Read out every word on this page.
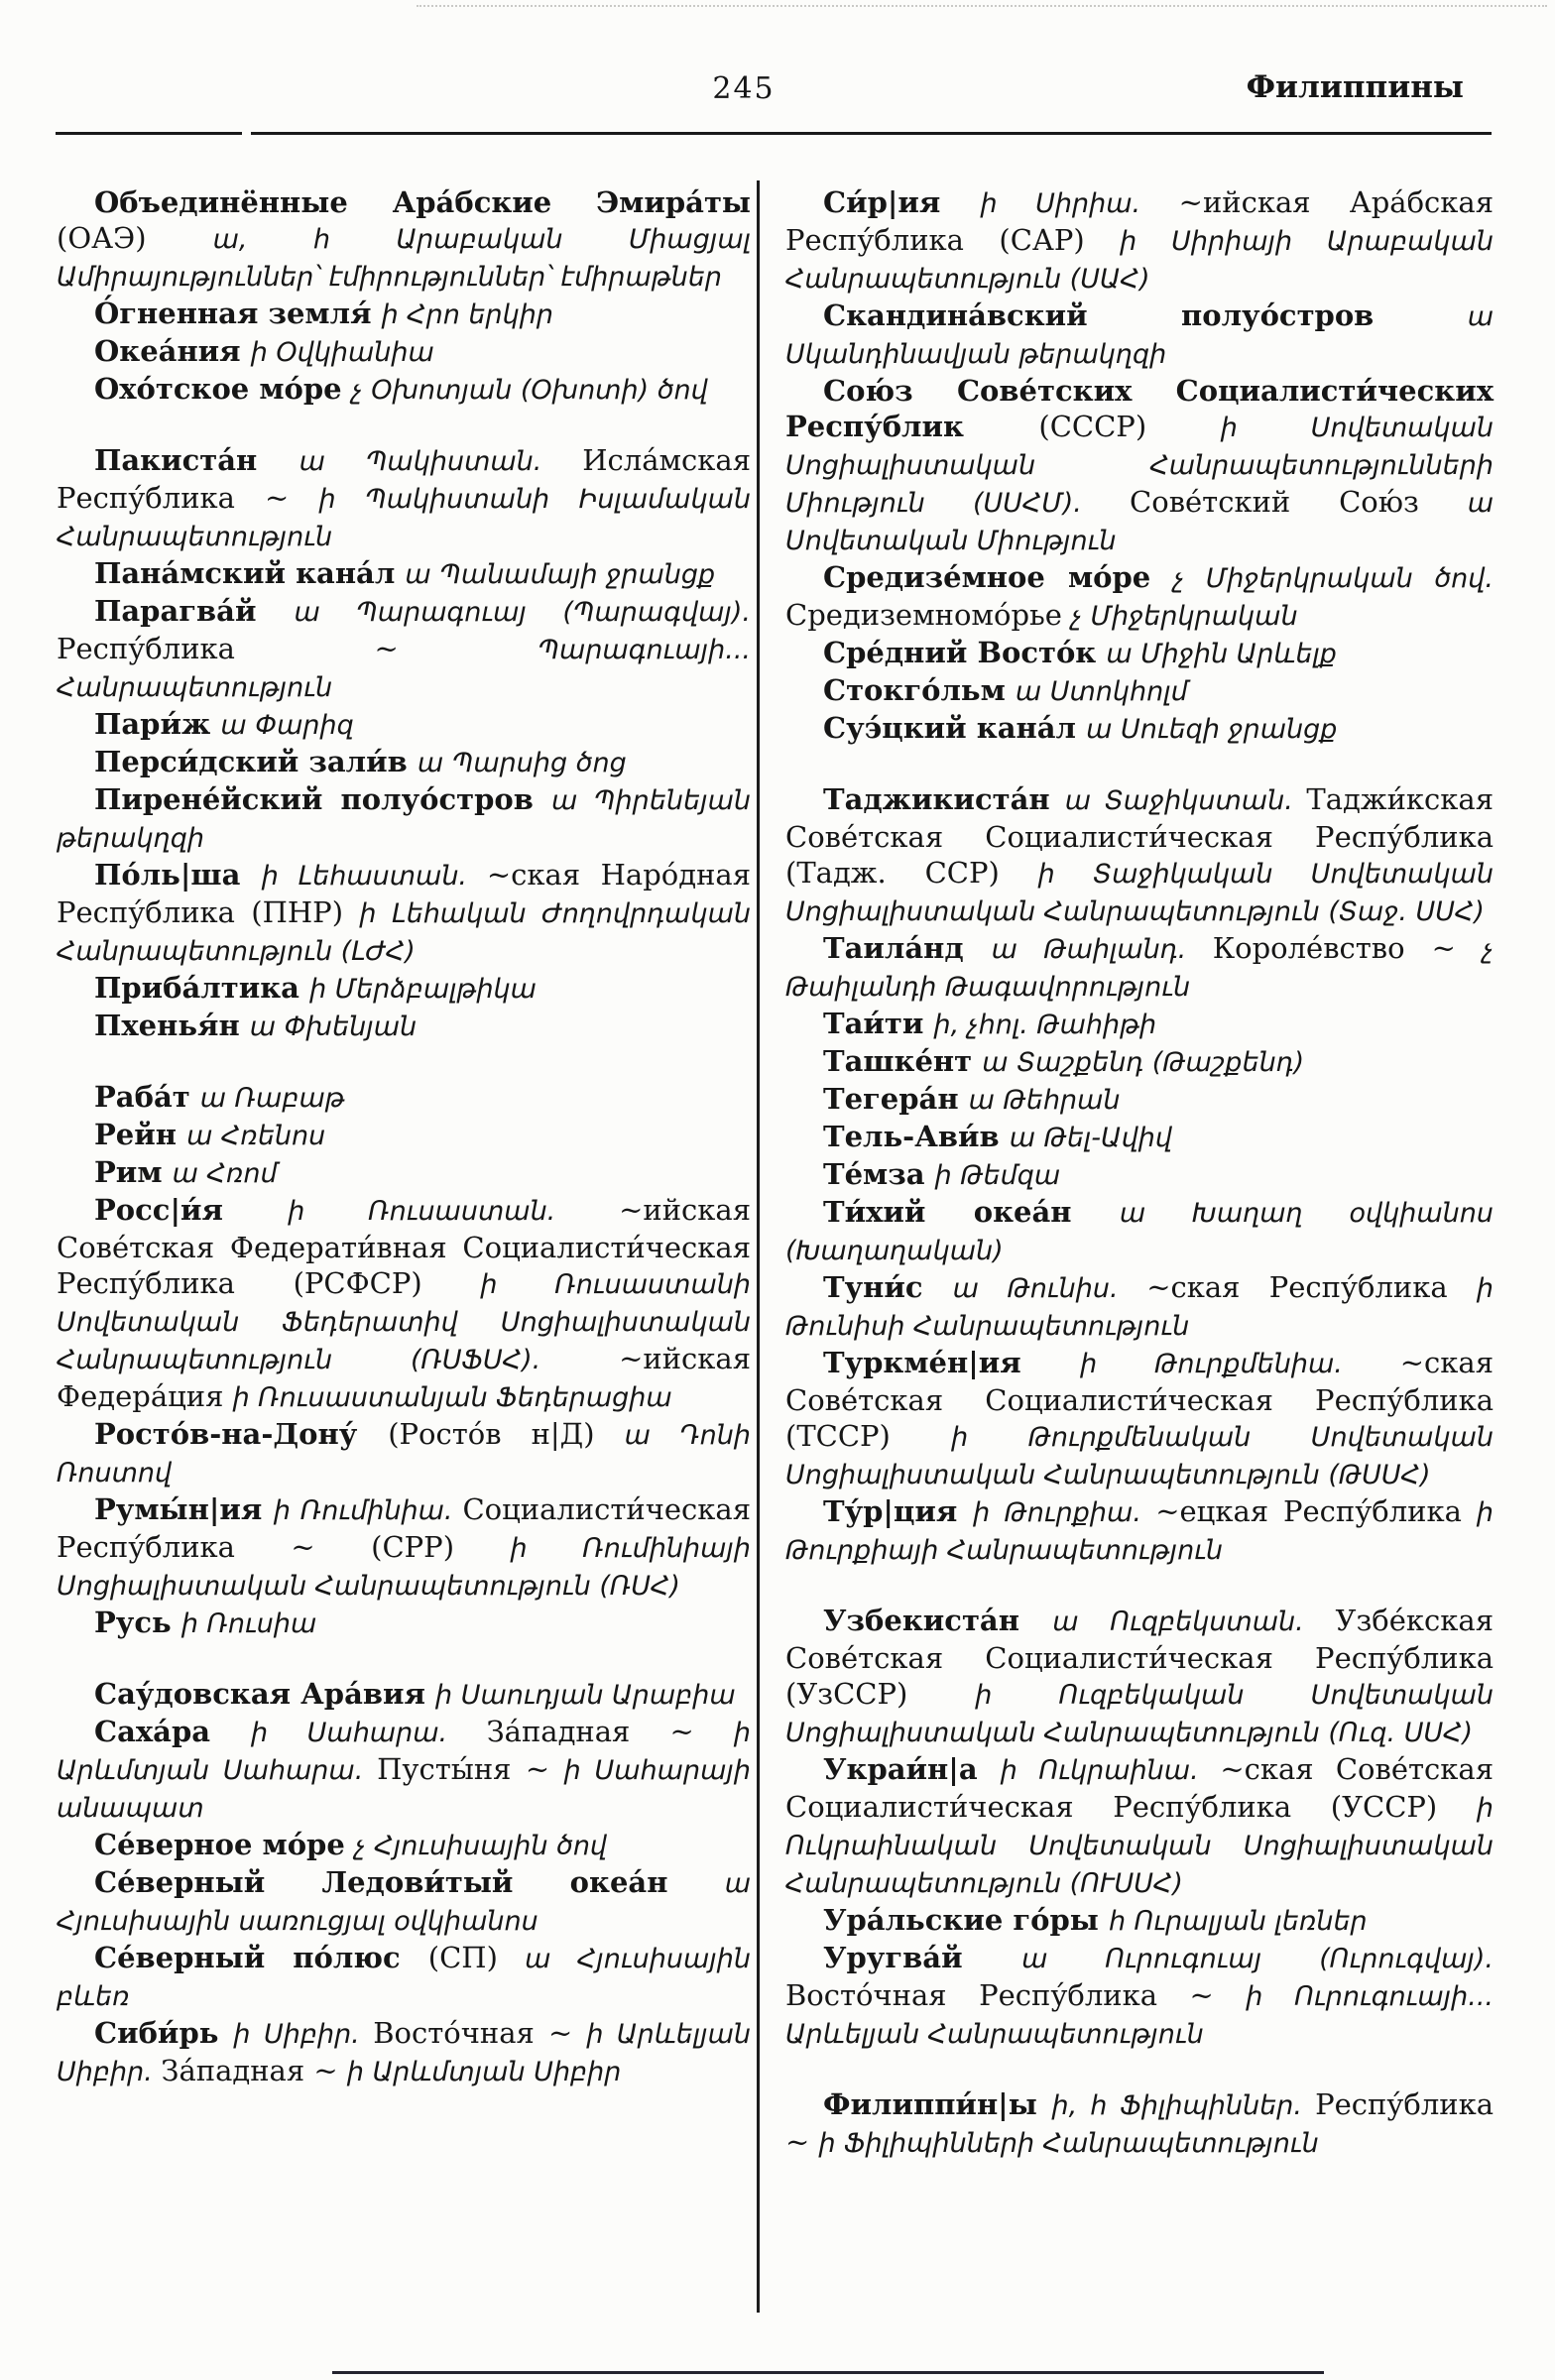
245	Филиппины

Объединённые Ара́бские Эмира́ты (ОАЭ) ա, հ Արաբական Միացյալ Ամիրայություններ՝ էմիրություններ՝ էմիրաթներ

О́гненная земля́ ի Հրո երկիր

Океа́ния ի Օվկիանիա

Охо́тское мо́ре չ Օխոտյան (Օխոտի) ծով

Пакиста́н ա Պակիստան. Исла́мская Респу́блика ~ ի Պակիստանի Իսլամական Հանրապետություն

Пана́мский кана́л ա Պանամայի ջրանցք

Парагва́й ա Պարագուայ (Պարագվայ). Респу́блика ~ Պարագուայի... Հանրապետություն

Пари́ж ա Փարիզ

Перси́дский зали́в ա Պարսից ծոց

Пирене́йский полуо́стров ա Պիրենեյան թերակղզի

По́ль|ша ի Լեհաստան. ~ская Наро́дная Респу́блика (ПНР) ի Լեհական Ժողովրդական Հանրապետություն (ԼԺՀ)

Приба́лтика ի Մերձբալթիկա

Пхенья́н ա Փխենյան

Раба́т ա Ռաբաթ

Рейн ա Հռենոս

Рим ա Հռոմ

Росс|и́я ի Ռուսաստան. ~ийская Сове́тская Федерати́вная Социалисти́ческая Респу́блика (РСФСР) ի Ռուսաստանի Սովետական Ֆեդերատիվ Սոցիալիստական Հանրապետություն (ՌՍՖՍՀ). ~ийская Федера́ция ի Ռուսաստանյան Ֆեդերացիա

Росто́в-на-Дону́ (Росто́в н|Д) ա Դոնի Ռոստով

Румы́н|ия ի Ռումինիա. Социалисти́ческая Респу́блика ~ (СРР) ի Ռումինիայի Սոցիալիստական Հանրապետություն (ՌՍՀ)

Русь ի Ռուսիա

Сау́довская Ара́вия ի Սաուդյան Արաբիա

Саха́ра ի Սահարա. За́падная ~ ի Արևմտյան Սահարա. Пусты́ня ~ ի Սահարայի անապատ

Се́верное мо́ре չ Հյուսիսային ծով

Се́верный Ледови́тый океа́н ա Հյուսիսային սառուցյալ օվկիանոս

Се́верный по́люс (СП) ա Հյուսիսային բևեռ

Сиби́рь ի Սիբիր. Восто́чная ~ ի Արևելյան Սիբիր. За́падная ~ ի Արևմտյան Սիբիր

Си́р|ия ի Սիրիա. ~ийская Ара́бская Респу́блика (САР) ի Սիրիայի Արաբական Հանրապետություն (ՍԱՀ)

Скандина́вский полуо́стров ա Սկանդինավյան թերակղզի

Сою́з Сове́тских Социалисти́ческих Респу́блик (СССР) ի Սովետական Սոցիալիստական Հանրապետությունների Միություն (ՍՍՀՄ). Сове́тский Сою́з ա Սովետական Միություն

Средизе́мное мо́ре չ Միջերկրական ծով. Средиземномо́рье չ Միջերկրական

Сре́дний Восто́к ա Միջին Արևելք

Стокго́льм ա Ստոկհոլմ

Суэ́цкий кана́л ա Սուեզի ջրանցք

Таджикиста́н ա Տաջիկստան. Таджи́кская Сове́тская Социалисти́ческая Респу́блика (Тадж. ССР) ի Տաջիկական Սովետական Սոցիալիստական Հանրապետություն (Տաջ. ՍՍՀ)

Таила́нд ա Թաիլանդ. Короле́вство ~ չ Թաիլանդի Թագավորություն

Таи́ти ի, չհոլ. Թահիթի

Ташке́нт ա Տաշքենդ (Թաշքենդ)

Тегера́н ա Թեհրան

Тель-Ави́в ա Թել-Ավիվ

Те́мза ի Թեմզա

Ти́хий океа́н ա Խաղաղ օվկիանոս (Խաղաղական)

Туни́с ա Թունիս. ~ская Респу́блика ի Թունիսի Հանրապետություն

Туркме́н|ия ի Թուրքմենիա. ~ская Сове́тская Социалисти́ческая Респу́блика (ТССР) ի Թուրքմենական Սովետական Սոցիալիստական Հանրապետություն (ԹՍՍՀ)

Ту́р|ция ի Թուրքիա. ~ецкая Респу́блика ի Թուրքիայի Հանրապետություն

Узбекиста́н ա Ուզբեկստան. Узбе́кская Сове́тская Социалисти́ческая Респу́блика (УзССР) ի Ուզբեկական Սովետական Սոցիալիստական Հանրապետություն (Ուզ. ՍՍՀ)

Украи́н|а ի Ուկրաինա. ~ская Сове́тская Социалисти́ческая Респу́блика (УССР) ի Ուկրաինական Սովետական Սոցիալիստական Հանրապետություն (ՈՒՍՍՀ)

Ура́льские го́ры հ Ուրալյան լեռներ

Уругва́й ա Ուրուգուայ (Ուրուգվայ). Восто́чная Респу́блика ~ ի Ուրուգուայի... Արևելյան Հանրապետություն

Филиппи́н|ы ի, հ Ֆիլիպիններ. Респу́блика ~ ի Ֆիլիպինների Հանրապետություն
